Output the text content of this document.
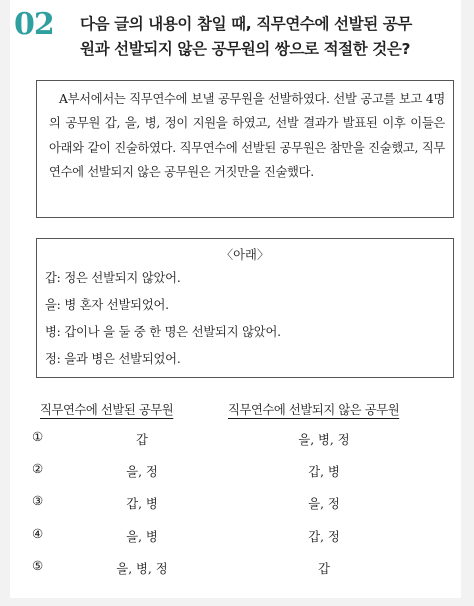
02 다음 글의 내용이 참일 때, 직무연수에 선발된 공무
원과 선발되지 않은 공무원의 쌍으로 적절한 것은?

A부서에서는 직무연수에 보낼 공무원을 선발하였다. 선발 공고를 보고 4명의 공무원 갑, 을, 병, 정이 지원을 하였고, 선발 결과가 발표된 이후 이들은 아래와 같이 진술하였다. 직무연수에 선발된 공무원은 참만을 진술했고, 직무연수에 선발되지 않은 공무원은 거짓만을 진술했다.

〈아래〉
갑: 정은 선발되지 않았어.
을: 병 혼자 선발되었어.
병: 갑이나 을 둘 중 한 명은 선발되지 않았어.
정: 을과 병은 선발되었어.
직무연수에 선발된 공무원	직무연수에 선발되지 않은 공무원
①	갑	을, 병, 정
②	을, 정	갑, 병
③	갑, 병	을, 정
④	을, 병	갑, 정
⑤	을, 병, 정	갑
